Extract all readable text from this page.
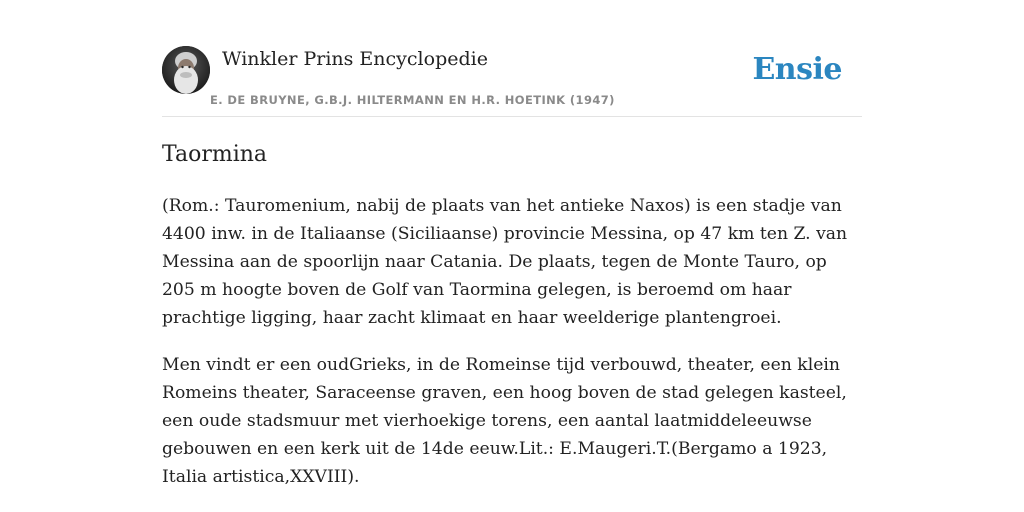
Winkler Prins Encyclopedie
E. DE BRUYNE, G.B.J. HILTERMANN EN H.R. HOETINK (1947)
Ensie
Taormina

(Rom.: Tauromenium, nabij de plaats van het antieke Naxos) is een stadje van 4400 inw. in de Italiaanse (Siciliaanse) provincie Messina, op 47 km ten Z. van Messina aan de spoorlijn naar Catania. De plaats, tegen de Monte Tauro, op 205 m hoogte boven de Golf van Taormina gelegen, is beroemd om haar prachtige ligging, haar zacht klimaat en haar weelderige plantengroei.

Men vindt er een oudGrieks, in de Romeinse tijd verbouwd, theater, een klein Romeins theater, Saraceense graven, een hoog boven de stad gelegen kasteel, een oude stadsmuur met vierhoekige torens, een aantal laatmiddeleeuwse gebouwen en een kerk uit de 14de eeuw.Lit.: E.Maugeri.T.(Bergamo a 1923, Italia artistica,XXVIII).
